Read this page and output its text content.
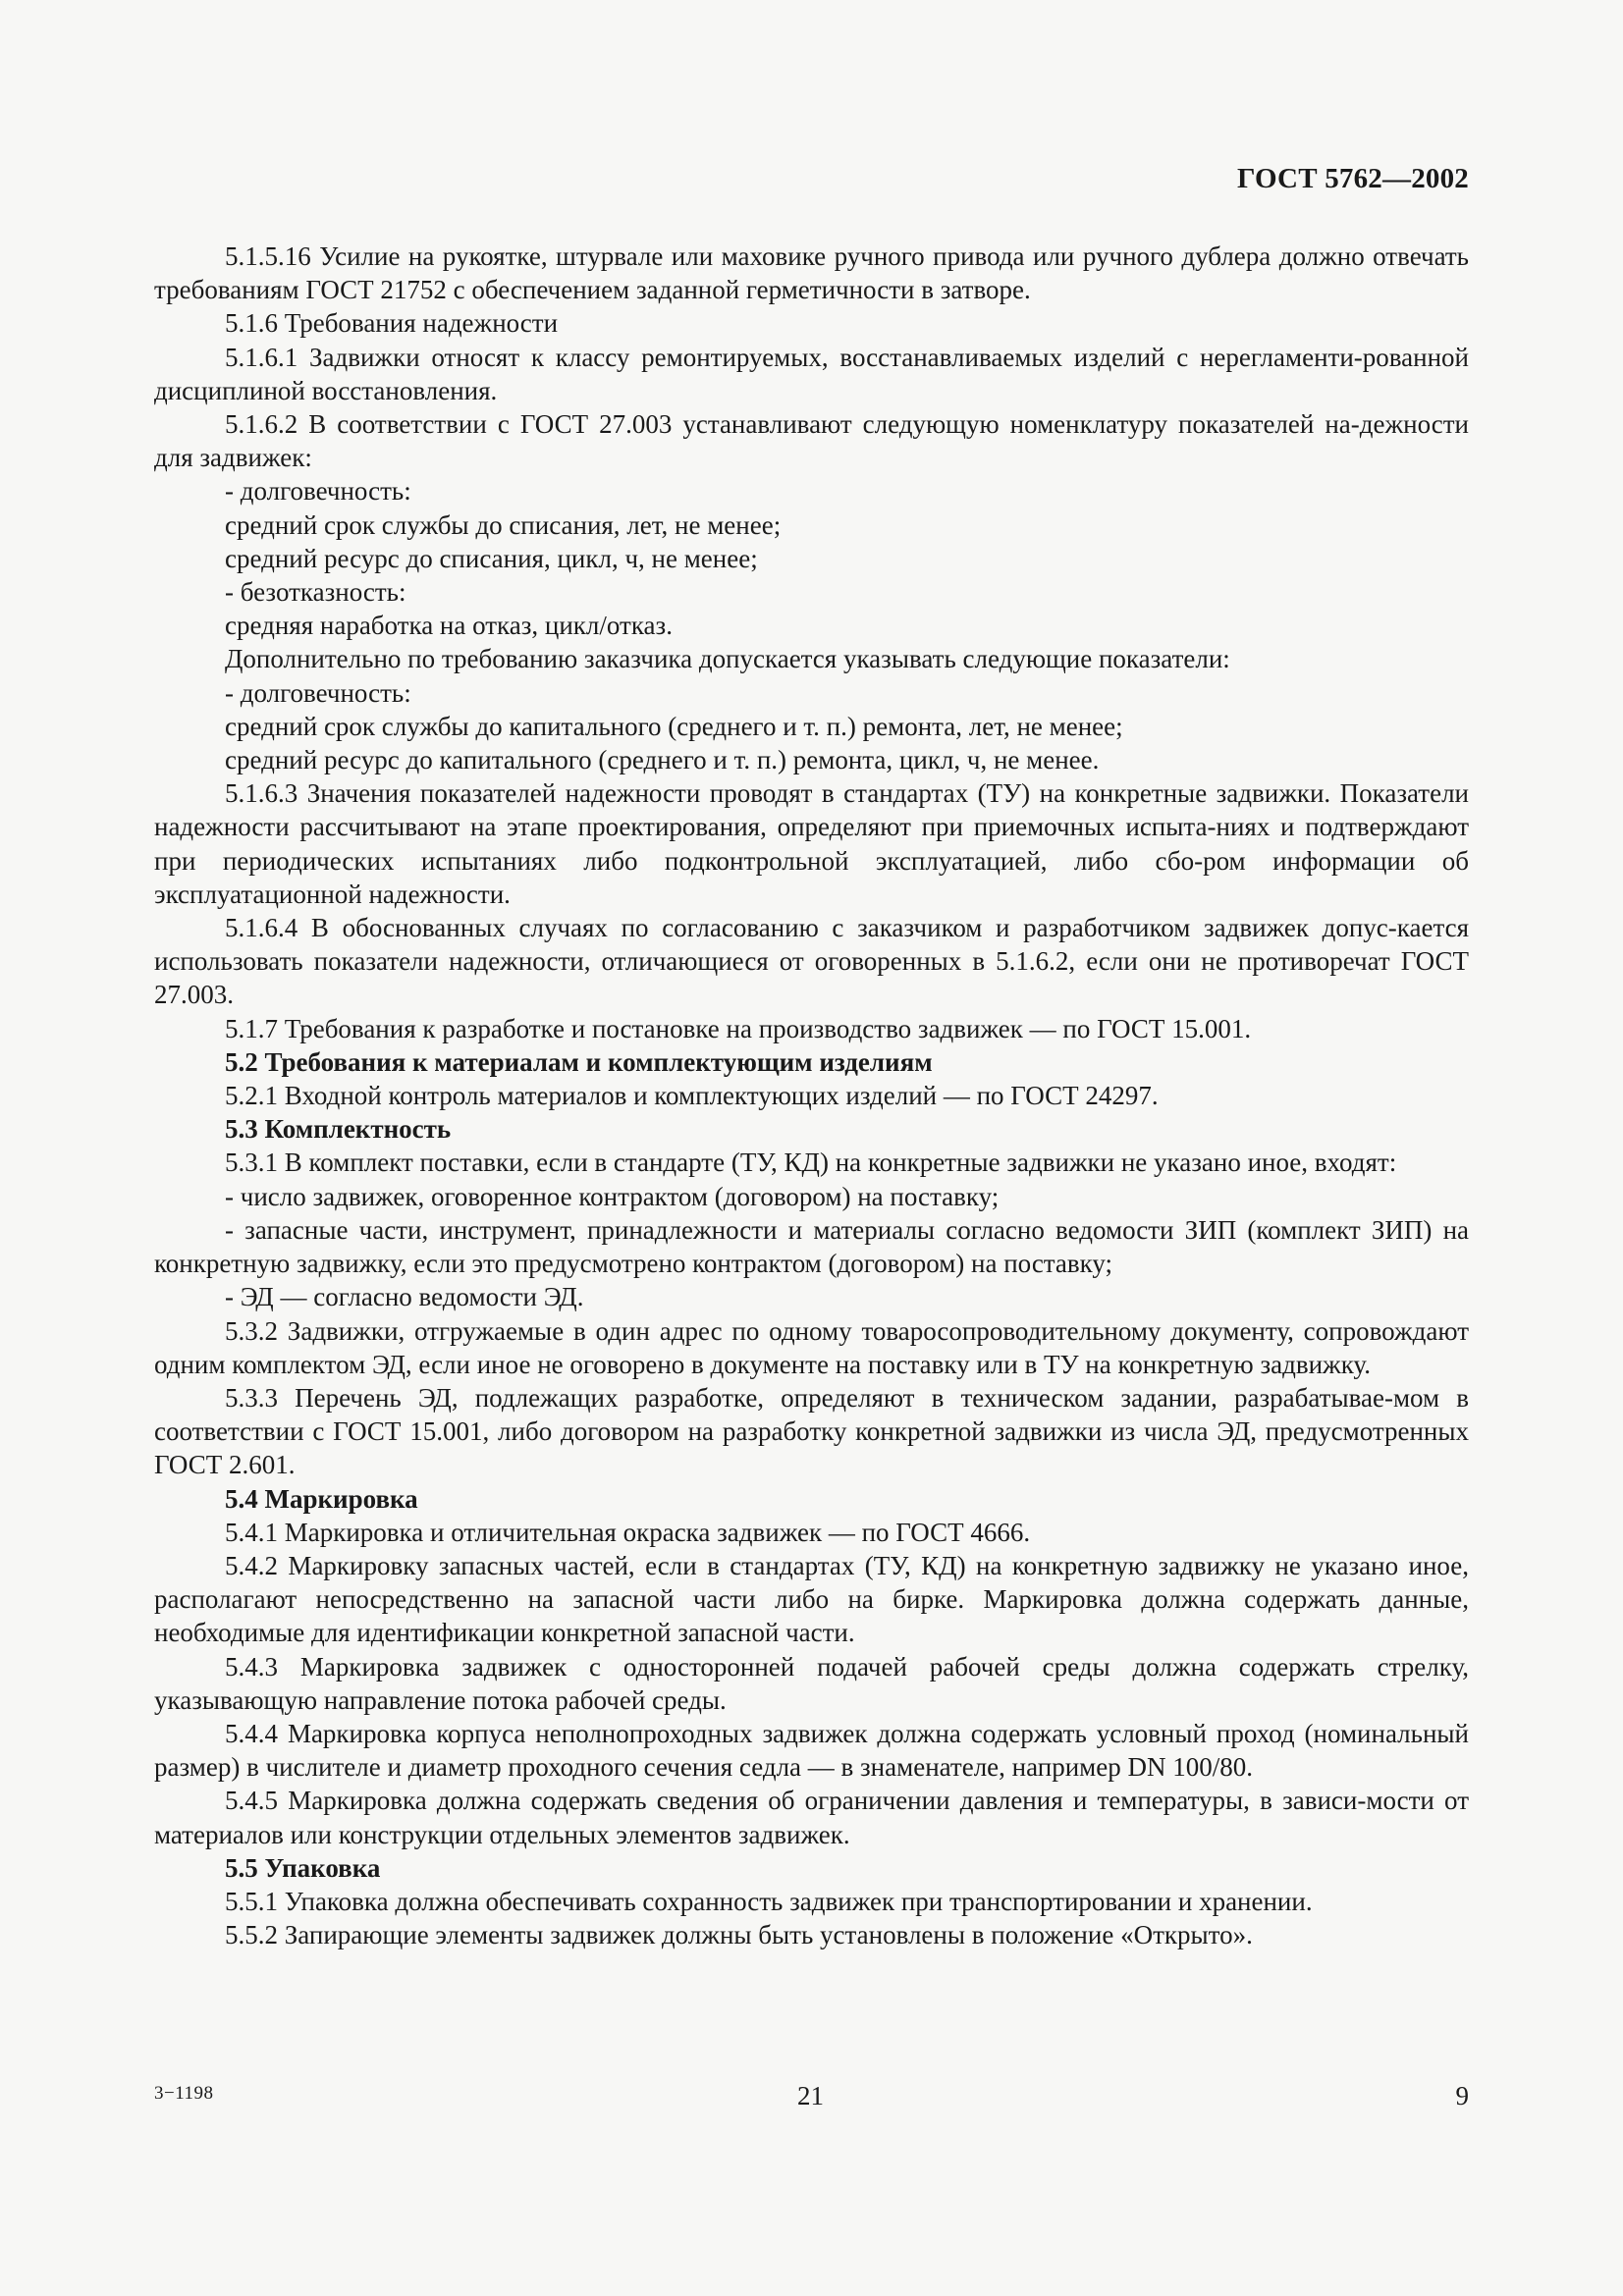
ГОСТ 5762—2002

5.1.5.16 Усилие на рукоятке, штурвале или маховике ручного привода или ручного дублера должно отвечать требованиям ГОСТ 21752 с обеспечением заданной герметичности в затворе.

5.1.6 Требования надежности

5.1.6.1 Задвижки относят к классу ремонтируемых, восстанавливаемых изделий с нерегламенти-рованной дисциплиной восстановления.

5.1.6.2 В соответствии с ГОСТ 27.003 устанавливают следующую номенклатуру показателей на-дежности для задвижек:

- долговечность:

средний срок службы до списания, лет, не менее;

средний ресурс до списания, цикл, ч, не менее;

- безотказность:

средняя наработка на отказ, цикл/отказ.

Дополнительно по требованию заказчика допускается указывать следующие показатели:

- долговечность:

средний срок службы до капитального (среднего и т. п.) ремонта, лет, не менее;

средний ресурс до капитального (среднего и т. п.) ремонта, цикл, ч, не менее.

5.1.6.3 Значения показателей надежности проводят в стандартах (ТУ) на конкретные задвижки. Показатели надежности рассчитывают на этапе проектирования, определяют при приемочных испыта-ниях и подтверждают при периодических испытаниях либо подконтрольной эксплуатацией, либо сбо-ром информации об эксплуатационной надежности.

5.1.6.4 В обоснованных случаях по согласованию с заказчиком и разработчиком задвижек допус-кается использовать показатели надежности, отличающиеся от оговоренных в 5.1.6.2, если они не противоречат ГОСТ 27.003.

5.1.7 Требования к разработке и постановке на производство задвижек — по ГОСТ 15.001.

5.2 Требования к материалам и комплектующим изделиям

5.2.1 Входной контроль материалов и комплектующих изделий — по ГОСТ 24297.

5.3 Комплектность

5.3.1 В комплект поставки, если в стандарте (ТУ, КД) на конкретные задвижки не указано иное, входят:

- число задвижек, оговоренное контрактом (договором) на поставку;

- запасные части, инструмент, принадлежности и материалы согласно ведомости ЗИП (комплект ЗИП) на конкретную задвижку, если это предусмотрено контрактом (договором) на поставку;

- ЭД — согласно ведомости ЭД.

5.3.2 Задвижки, отгружаемые в один адрес по одному товаросопроводительному документу, сопровождают одним комплектом ЭД, если иное не оговорено в документе на поставку или в ТУ на конкретную задвижку.

5.3.3 Перечень ЭД, подлежащих разработке, определяют в техническом задании, разрабатывае-мом в соответствии с ГОСТ 15.001, либо договором на разработку конкретной задвижки из числа ЭД, предусмотренных ГОСТ 2.601.

5.4 Маркировка

5.4.1 Маркировка и отличительная окраска задвижек — по ГОСТ 4666.

5.4.2 Маркировку запасных частей, если в стандартах (ТУ, КД) на конкретную задвижку не указано иное, располагают непосредственно на запасной части либо на бирке. Маркировка должна содержать данные, необходимые для идентификации конкретной запасной части.

5.4.3 Маркировка задвижек с односторонней подачей рабочей среды должна содержать стрелку, указывающую направление потока рабочей среды.

5.4.4 Маркировка корпуса неполнопроходных задвижек должна содержать условный проход (номинальный размер) в числителе и диаметр проходного сечения седла — в знаменателе, например DN 100/80.

5.4.5 Маркировка должна содержать сведения об ограничении давления и температуры, в зависи-мости от материалов или конструкции отдельных элементов задвижек.

5.5 Упаковка

5.5.1 Упаковка должна обеспечивать сохранность задвижек при транспортировании и хранении.

5.5.2 Запирающие элементы задвижек должны быть установлены в положение «Открыто».

3−1198	21	9
